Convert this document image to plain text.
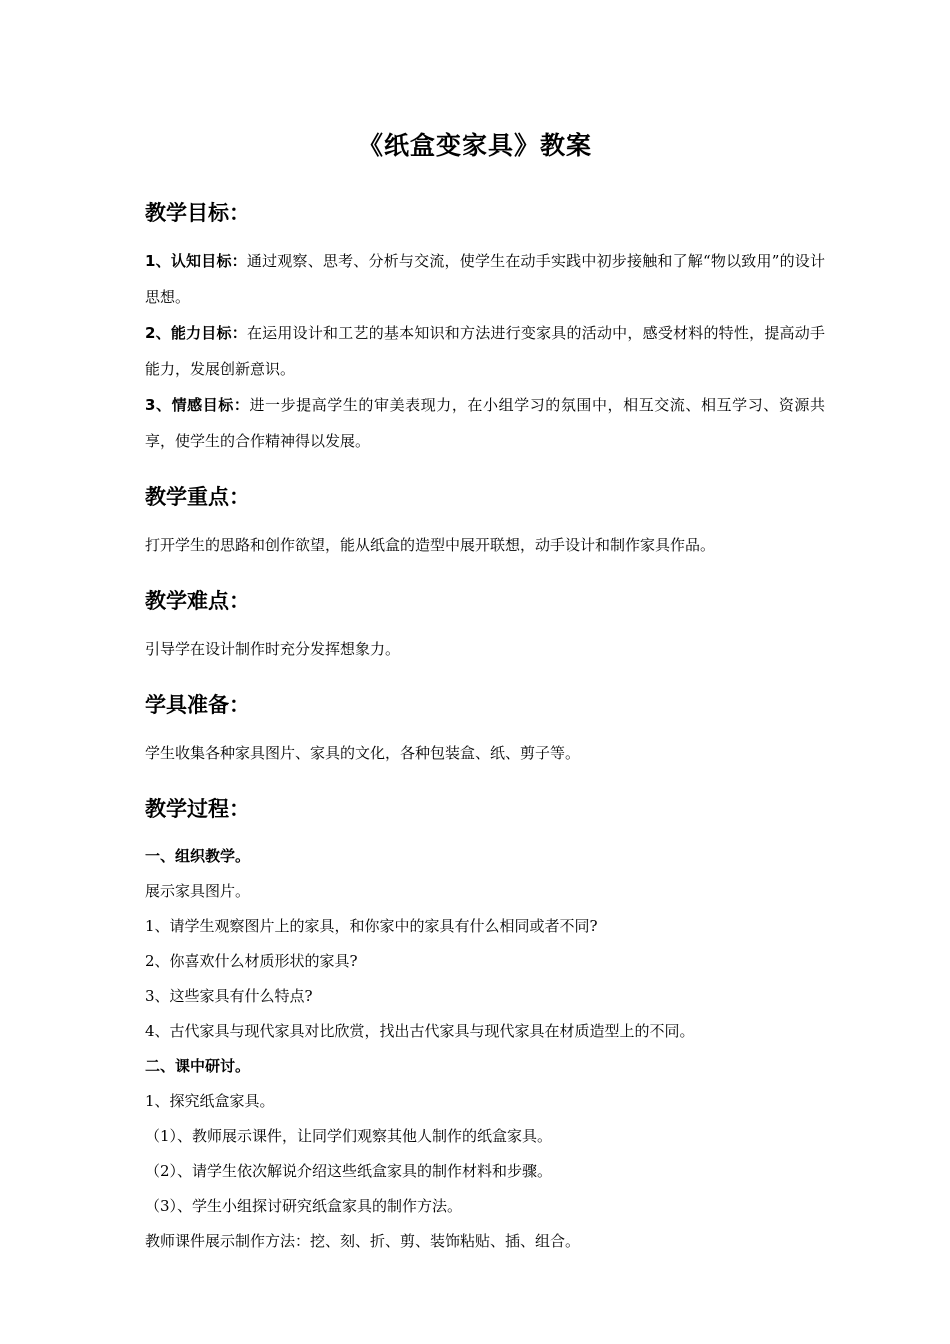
《纸盒变家具》教案
教学目标：

1、认知目标：通过观察、思考、分析与交流，使学生在动手实践中初步接触和了解“物以致用”的设计思想。

2、能力目标：在运用设计和工艺的基本知识和方法进行变家具的活动中，感受材料的特性，提高动手能力，发展创新意识。

3、情感目标：进一步提高学生的审美表现力，在小组学习的氛围中，相互交流、相互学习、资源共享，使学生的合作精神得以发展。

教学重点：

打开学生的思路和创作欲望，能从纸盒的造型中展开联想，动手设计和制作家具作品。

教学难点：

引导学在设计制作时充分发挥想象力。

学具准备：

学生收集各种家具图片、家具的文化，各种包装盒、纸、剪子等。

教学过程：

一、组织教学。

展示家具图片。

1、请学生观察图片上的家具，和你家中的家具有什么相同或者不同?

2、你喜欢什么材质形状的家具?

3、这些家具有什么特点?

4、古代家具与现代家具对比欣赏，找出古代家具与现代家具在材质造型上的不同。

二、课中研讨。

1、探究纸盒家具。

（1）、教师展示课件，让同学们观察其他人制作的纸盒家具。

（2）、请学生依次解说介绍这些纸盒家具的制作材料和步骤。

（3）、学生小组探讨研究纸盒家具的制作方法。

教师课件展示制作方法：挖、刻、折、剪、装饰粘贴、插、组合。
